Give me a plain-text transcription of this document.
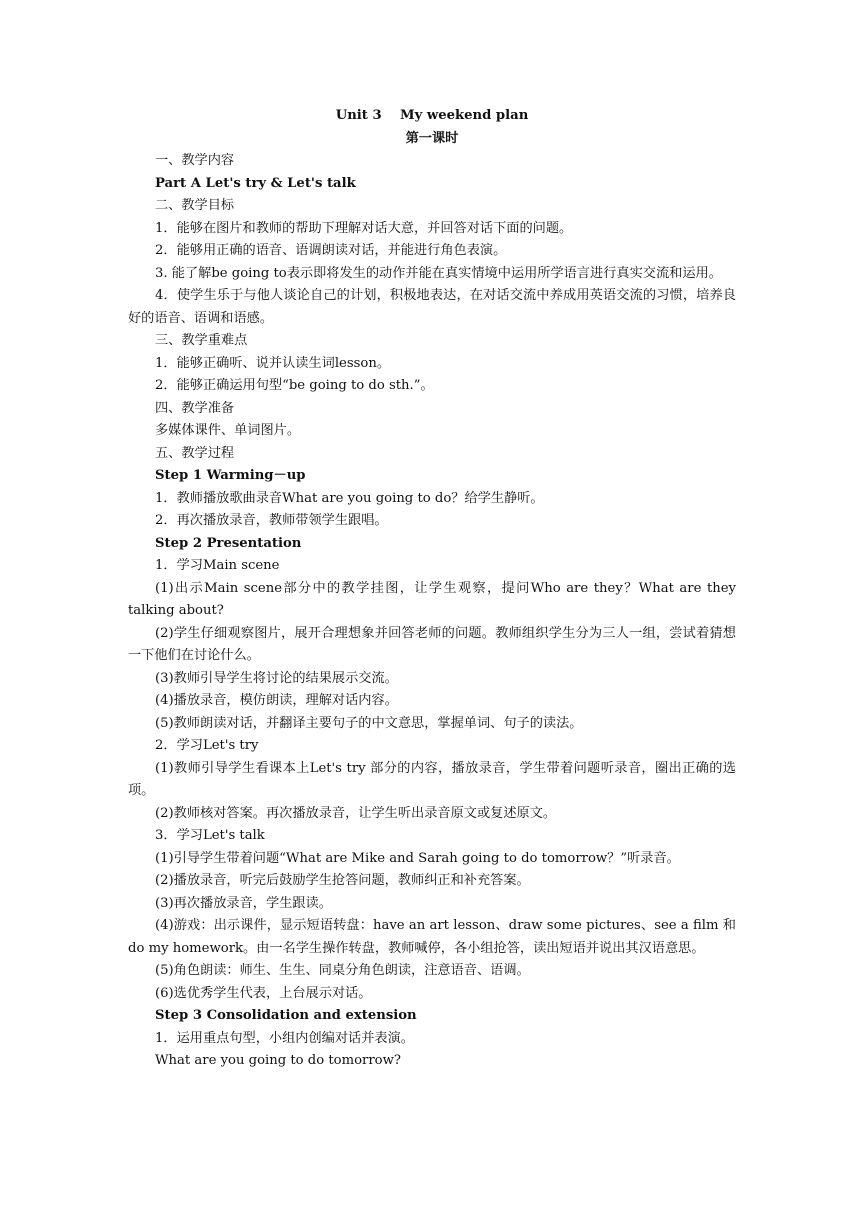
Unit 3    My weekend plan

第一课时

一、教学内容

Part A Let's try & Let's talk

二、教学目标

1．能够在图片和教师的帮助下理解对话大意，并回答对话下面的问题。

2．能够用正确的语音、语调朗读对话，并能进行角色表演。

3. 能了解be going to表示即将发生的动作并能在真实情境中运用所学语言进行真实交流和运用。

4．使学生乐于与他人谈论自己的计划，积极地表达，在对话交流中养成用英语交流的习惯，培养良好的语音、语调和语感。

三、教学重难点

1．能够正确听、说并认读生词lesson。

2．能够正确运用句型“be going to do sth.”。

四、教学准备

多媒体课件、单词图片。

五、教学过程

Step 1 Warming－up

1．教师播放歌曲录音What are you going to do？给学生静听。

2．再次播放录音，教师带领学生跟唱。

Step 2 Presentation

1．学习Main scene

(1)出示Main scene部分中的教学挂图，让学生观察，提问Who are they？What are they talking about?

(2)学生仔细观察图片，展开合理想象并回答老师的问题。教师组织学生分为三人一组，尝试着猜想一下他们在讨论什么。

(3)教师引导学生将讨论的结果展示交流。

(4)播放录音，模仿朗读，理解对话内容。

(5)教师朗读对话，并翻译主要句子的中文意思，掌握单词、句子的读法。

2．学习Let's try

(1)教师引导学生看课本上Let's try 部分的内容，播放录音，学生带着问题听录音，圈出正确的选项。

(2)教师核对答案。再次播放录音，让学生听出录音原文或复述原文。

3．学习Let's talk

(1)引导学生带着问题“What are Mike and Sarah going to do tomorrow？”听录音。

(2)播放录音，听完后鼓励学生抢答问题，教师纠正和补充答案。

(3)再次播放录音，学生跟读。

(4)游戏：出示课件，显示短语转盘：have an art lesson、draw some pictures、see a film 和 do my homework。由一名学生操作转盘，教师喊停，各小组抢答，读出短语并说出其汉语意思。

(5)角色朗读：师生、生生、同桌分角色朗读，注意语音、语调。

(6)选优秀学生代表，上台展示对话。

Step 3 Consolidation and extension

1．运用重点句型，小组内创编对话并表演。

What are you going to do tomorrow?
